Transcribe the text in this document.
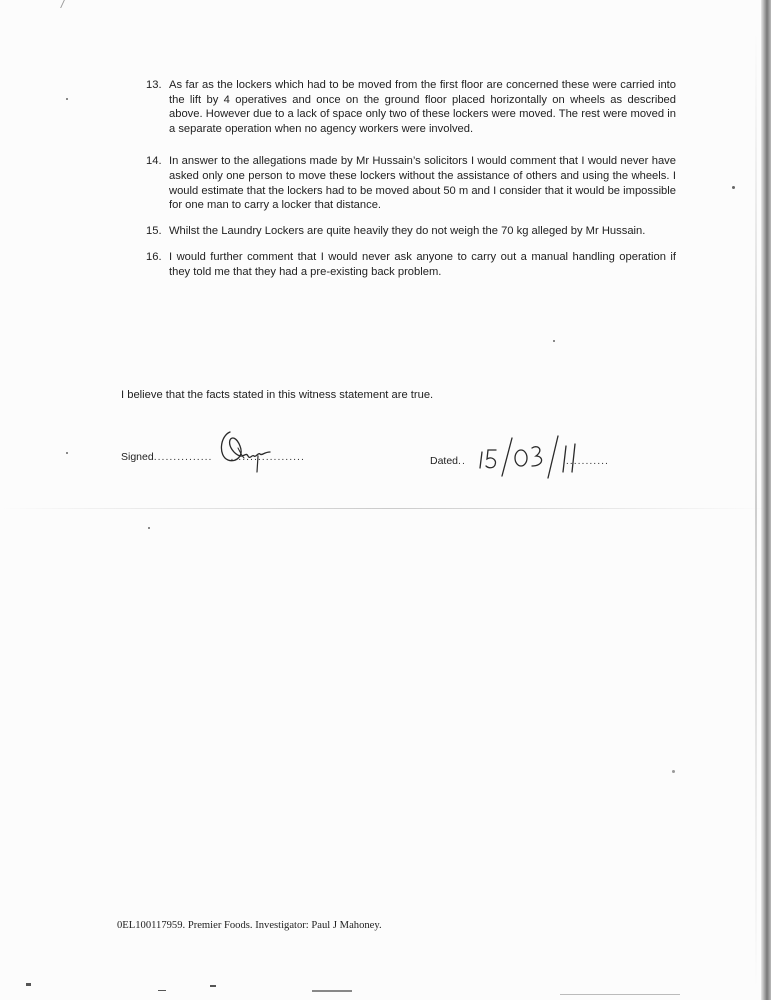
13. As far as the lockers which had to be moved from the first floor are concerned these were carried into the lift by 4 operatives and once on the ground floor placed horizontally on wheels as described above. However due to a lack of space only two of these lockers were moved. The rest were moved in a separate operation when no agency workers were involved.
14. In answer to the allegations made by Mr Hussain’s solicitors I would comment that I would never have asked only one person to move these lockers without the assistance of others and using the wheels. I would estimate that the lockers had to be moved about 50 m and I consider that it would be impossible for one man to carry a locker that distance.
15. Whilst the Laundry Lockers are quite heavily they do not weigh the 70 kg alleged by Mr Hussain.
16. I would further comment that I would never ask anyone to carry out a manual handling operation if they told me that they had a pre-existing back problem.
I believe that the facts stated in this witness statement are true.
Signed............... ...................	Dated..	...........
0EL100117959. Premier Foods. Investigator: Paul J Mahoney.
